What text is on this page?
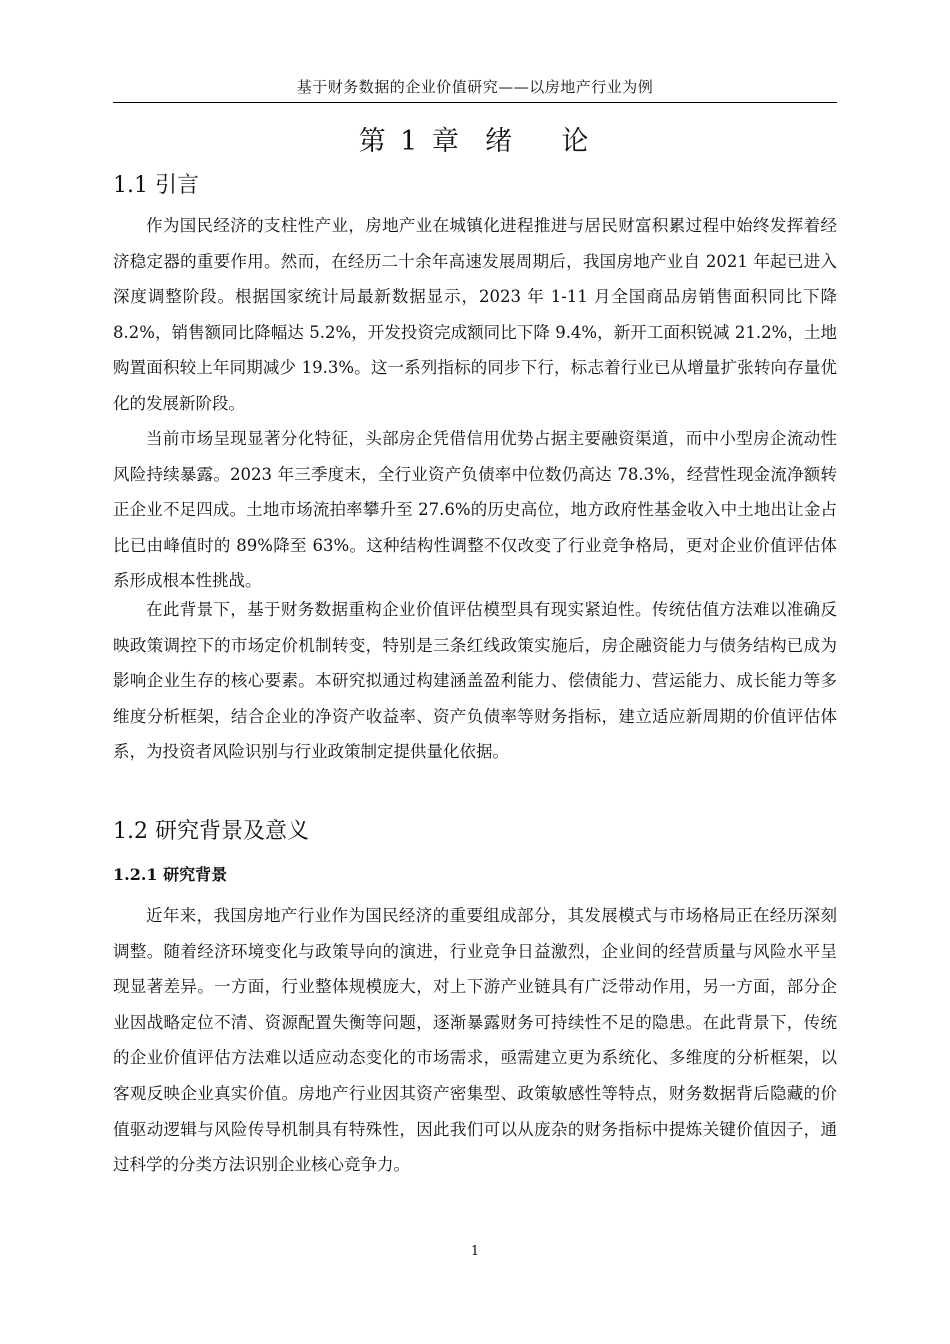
基于财务数据的企业价值研究——以房地产行业为例
第 1 章  绪    论
1.1 引言

作为国民经济的支柱性产业，房地产业在城镇化进程推进与居民财富积累过程中始终发挥着经济稳定器的重要作用。然而，在经历二十余年高速发展周期后，我国房地产业自 2021 年起已进入深度调整阶段。根据国家统计局最新数据显示，2023 年 1-11 月全国商品房销售面积同比下降 8.2%，销售额同比降幅达 5.2%，开发投资完成额同比下降 9.4%，新开工面积锐减 21.2%，土地购置面积较上年同期减少 19.3%。这一系列指标的同步下行，标志着行业已从增量扩张转向存量优化的发展新阶段。

当前市场呈现显著分化特征，头部房企凭借信用优势占据主要融资渠道，而中小型房企流动性风险持续暴露。2023 年三季度末，全行业资产负债率中位数仍高达 78.3%，经营性现金流净额转正企业不足四成。土地市场流拍率攀升至 27.6%的历史高位，地方政府性基金收入中土地出让金占比已由峰值时的 89%降至 63%。这种结构性调整不仅改变了行业竞争格局，更对企业价值评估体系形成根本性挑战。

在此背景下，基于财务数据重构企业价值评估模型具有现实紧迫性。传统估值方法难以准确反映政策调控下的市场定价机制转变，特别是三条红线政策实施后，房企融资能力与债务结构已成为影响企业生存的核心要素。本研究拟通过构建涵盖盈利能力、偿债能力、营运能力、成长能力等多维度分析框架，结合企业的净资产收益率、资产负债率等财务指标，建立适应新周期的价值评估体系，为投资者风险识别与行业政策制定提供量化依据。

1.2 研究背景及意义
1.2.1 研究背景

近年来，我国房地产行业作为国民经济的重要组成部分，其发展模式与市场格局正在经历深刻调整。随着经济环境变化与政策导向的演进，行业竞争日益激烈，企业间的经营质量与风险水平呈现显著差异。一方面，行业整体规模庞大，对上下游产业链具有广泛带动作用，另一方面，部分企业因战略定位不清、资源配置失衡等问题，逐渐暴露财务可持续性不足的隐患。在此背景下，传统的企业价值评估方法难以适应动态变化的市场需求，亟需建立更为系统化、多维度的分析框架，以客观反映企业真实价值。房地产行业因其资产密集型、政策敏感性等特点，财务数据背后隐藏的价值驱动逻辑与风险传导机制具有特殊性，因此我们可以从庞杂的财务指标中提炼关键价值因子，通过科学的分类方法识别企业核心竞争力。

1
